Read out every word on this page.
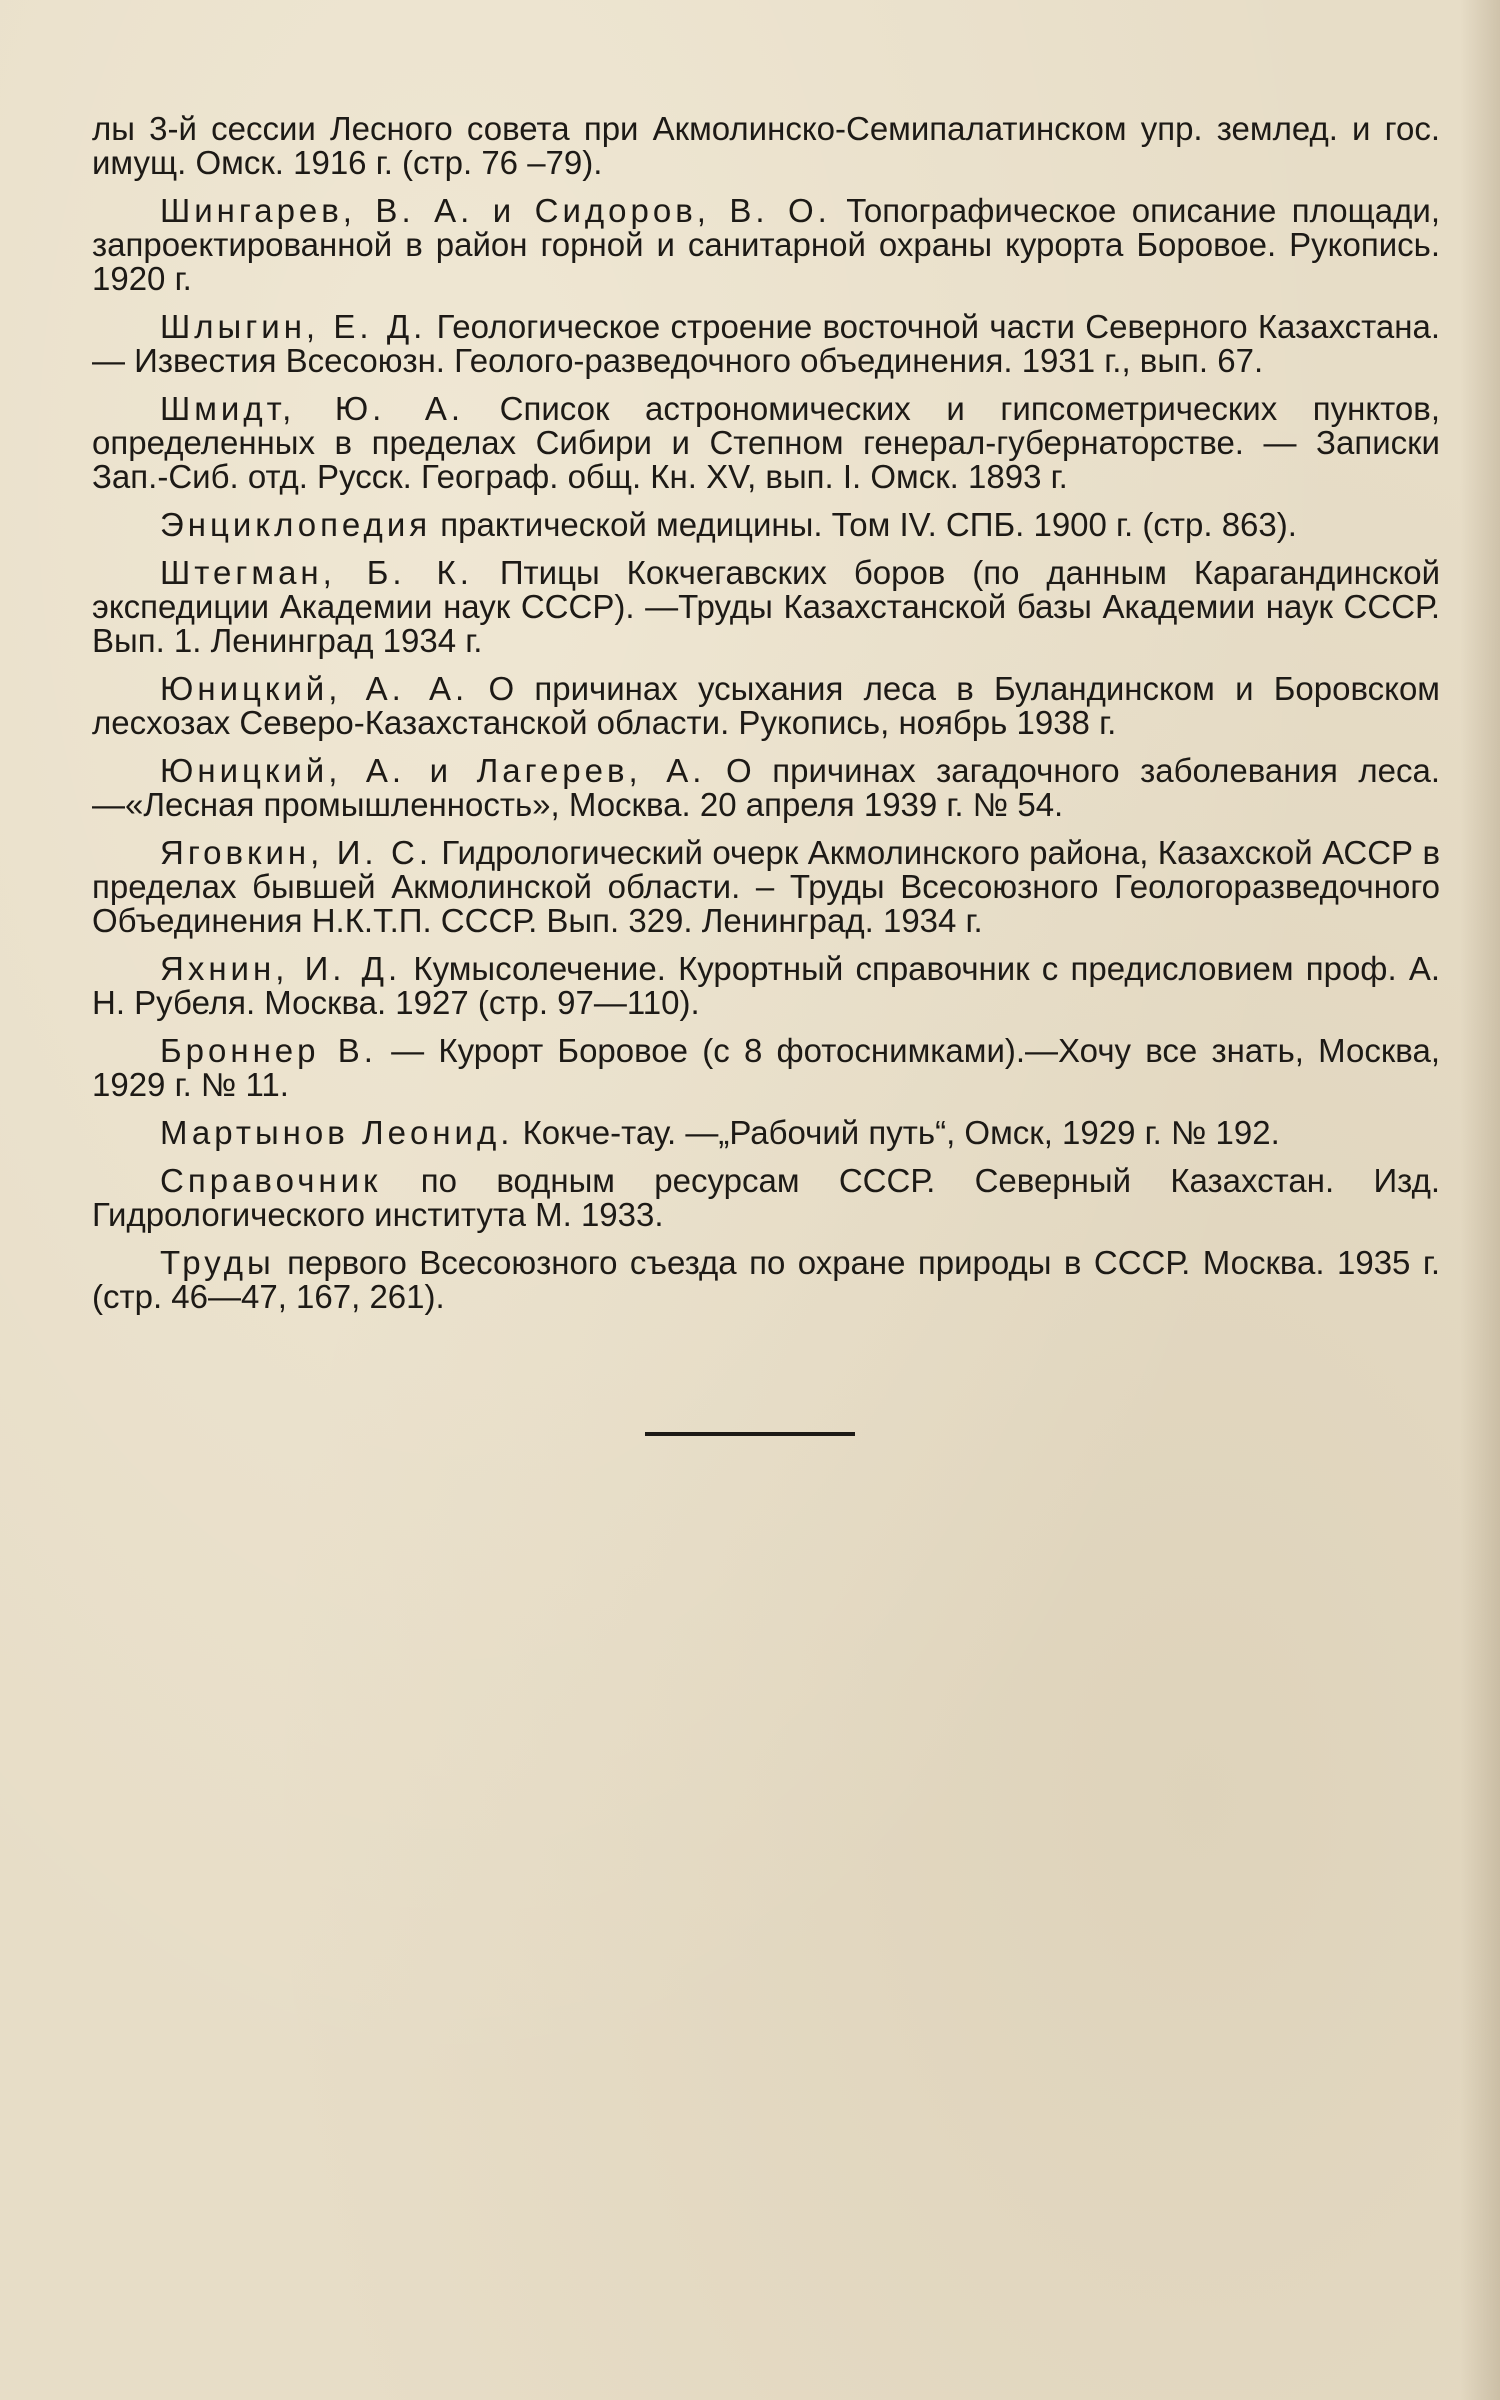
лы 3-й сессии Лесного совета при Акмолинско-Семипалатинском упр. землед. и гос. имущ. Омск. 1916 г. (стр. 76 –79).

Шингарев, В. А. и Сидоров, В. О. Топографическое описание площади, запроектированной в район горной и санитарной охраны курорта Боровое. Рукопись. 1920 г.

Шлыгин, Е. Д. Геологическое строение восточной части Северного Казахстана. — Известия Всесоюзн. Геолого-разведочного объединения. 1931 г., вып. 67.

Шмидт, Ю. А. Список астрономических и гипсометрических пунктов, определенных в пределах Сибири и Степном генерал-губернаторстве. — Записки Зап.-Сиб. отд. Русск. Географ. общ. Кн. XV, вып. I. Омск. 1893 г.

Энциклопедия практической медицины. Том IV. СПБ. 1900 г. (стр. 863).

Штегман, Б. К. Птицы Кокчегавских боров (по данным Карагандинской экспедиции Академии наук СССР). —Труды Казахстанской базы Академии наук СССР. Вып. 1. Ленинград 1934 г.

Юницкий, А. А. О причинах усыхания леса в Буландинском и Боровском лесхозах Северо-Казахстанской области. Рукопись, ноябрь 1938 г.

Юницкий, А. и Лагерев, А. О причинах загадочного заболевания леса.—«Лесная промышленность», Москва. 20 апреля 1939 г. № 54.

Яговкин, И. С. Гидрологический очерк Акмолинского района, Казахской АССР в пределах бывшей Акмолинской области. – Труды Всесоюзного Геологоразведочного Объединения Н.К.Т.П. СССР. Вып. 329. Ленинград. 1934 г.

Яхнин, И. Д. Кумысолечение. Курортный справочник с предисловием проф. А. Н. Рубеля. Москва. 1927 (стр. 97—110).

Броннер В. — Курорт Боровое (с 8 фотоснимками).—Хочу все знать, Москва, 1929 г. № 11.

Мартынов Леонид. Кокче-тау. —„Рабочий путь“, Омск, 1929 г. № 192.

Справочник по водным ресурсам СССР. Северный Казахстан. Изд. Гидрологического института М. 1933.

Труды первого Всесоюзного съезда по охране природы в СССР. Москва. 1935 г. (стр. 46—47, 167, 261).
